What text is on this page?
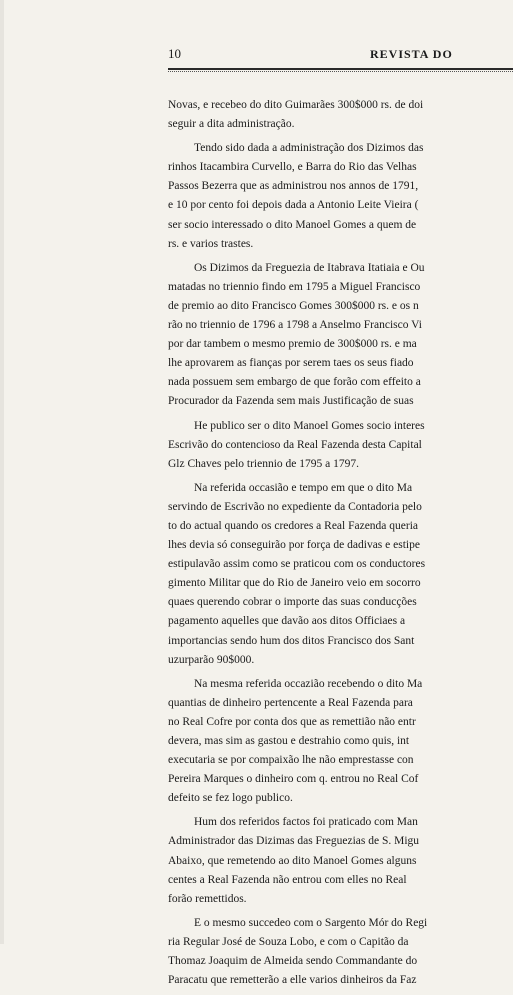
10	REVISTA DO
Novas, e recebeo do dito Guimarães 300$000 rs. de doi
seguir a dita administração.
Tendo sido dada a administração dos Dizimos das
rinhos Itacambira Curvello, e Barra do Rio das Velhas
Passos Bezerra que as administrou nos annos de 1791,
e 10 por cento foi depois dada a Antonio Leite Vieira (
ser socio interessado o dito Manoel Gomes a quem de
rs. e varios trastes.
Os Dizimos da Freguezia de Itabrava Itatiaia e Ou
matadas no triennio findo em 1795 a Miguel Francisco
de premio ao dito Francisco Gomes 300$000 rs. e os n
rão no triennio de 1796 a 1798 a Anselmo Francisco Vi
por dar tambem o mesmo premio de 300$000 rs. e ma
lhe aprovarem as fianças por serem taes os seus fiado
nada possuem sem embargo de que forão com effeito a
Procurador da Fazenda sem mais Justificação de suas
He publico ser o dito Manoel Gomes socio interes
Escrivão do contencioso da Real Fazenda desta Capital
Glz Chaves pelo triennio de 1795 a 1797.
Na referida occasião e tempo em que o dito Ma
servindo de Escrivão no expediente da Contadoria pelo
to do actual quando os credores a Real Fazenda queria
lhes devia só conseguirão por força de dadivas e estipe
estipulavão assim como se praticou com os conductores
gimento Militar que do Rio de Janeiro veio em socorro
quaes querendo cobrar o importe das suas conducções
pagamento aquelles que davão aos ditos Officiaes a
importancias sendo hum dos ditos Francisco dos Sant
uzurparão 90$000.
Na mesma referida occazião recebendo o dito Ma
quantias de dinheiro pertencente a Real Fazenda para
no Real Cofre por conta dos que as remettião não entr
devera, mas sim as gastou e destrahio como quis, int
executaria se por compaixão lhe não emprestasse con
Pereira Marques o dinheiro com q. entrou no Real Cof
defeito se fez logo publico.
Hum dos referidos factos foi praticado com Man
Administrador das Dizimas das Freguezias de S. Migu
Abaixo, que remetendo ao dito Manoel Gomes alguns
centes a Real Fazenda não entrou com elles no Real
forão remettidos.
E o mesmo succedeo com o Sargento Mór do Regi
ria Regular José de Souza Lobo, e com o Capitão da
Thomaz Joaquim de Almeida sendo Commandante do
Paracatu que remetterão a elle varios dinheiros da Faz
